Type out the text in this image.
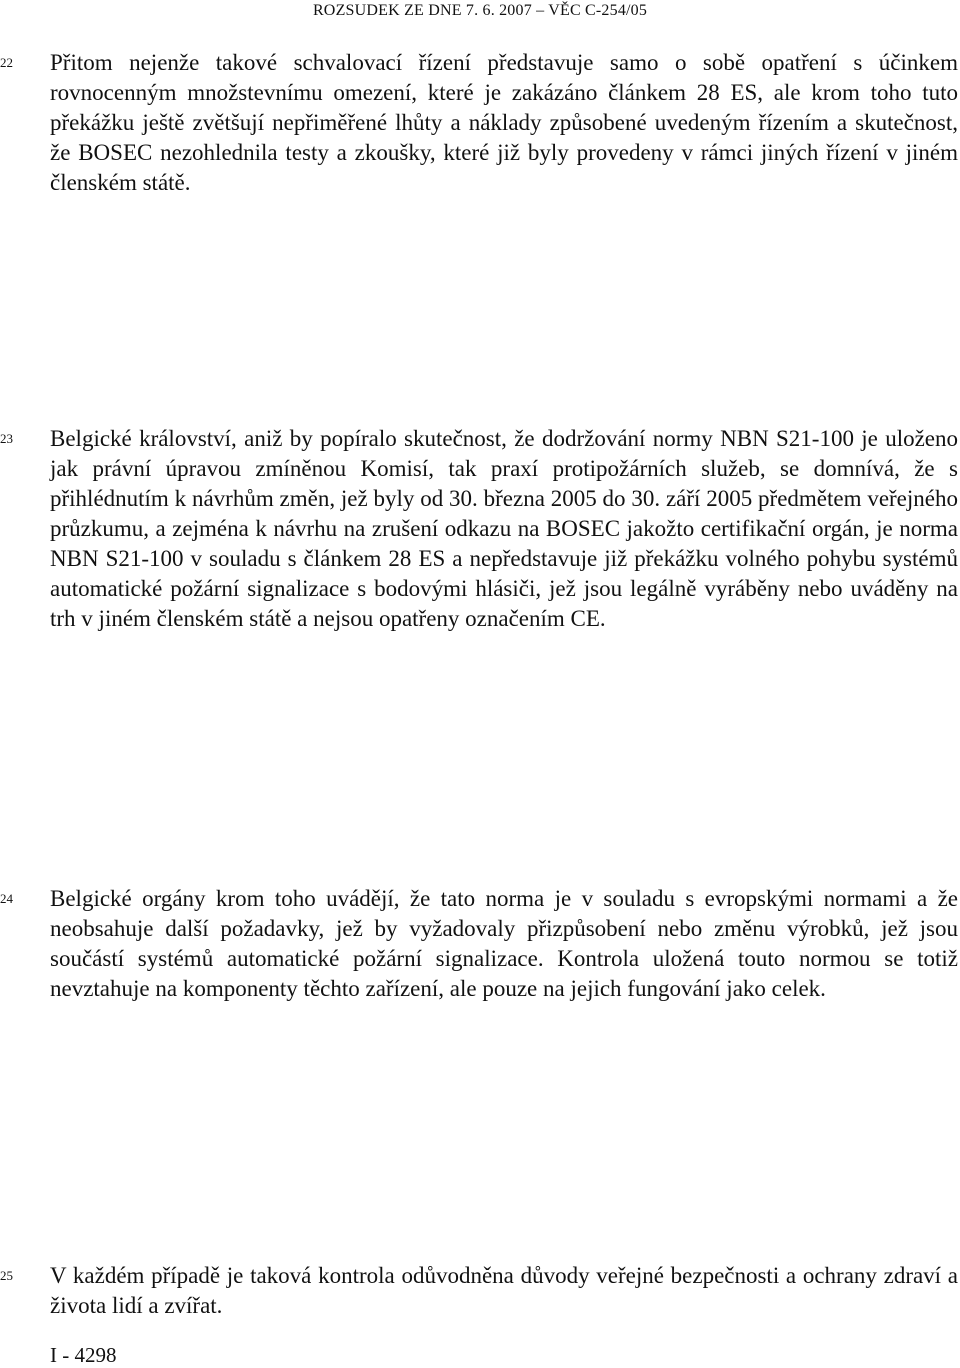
ROZSUDEK ZE DNE 7. 6. 2007 – VĚC C-254/05
22	Přitom nejenže takové schvalovací řízení představuje samo o sobě opatření s účinkem rovnocenným množstevnímu omezení, které je zakázáno článkem 28 ES, ale krom toho tuto překážku ještě zvětšují nepřiměřené lhůty a náklady způsobené uvedeným řízením a skutečnost, že BOSEC nezohlednila testy a zkoušky, které již byly provedeny v rámci jiných řízení v jiném členském státě.

23	Belgické království, aniž by popíralo skutečnost, že dodržování normy NBN S21-100 je uloženo jak právní úpravou zmíněnou Komisí, tak praxí protipožárních služeb, se domnívá, že s přihlédnutím k návrhům změn, jež byly od 30. března 2005 do 30. září 2005 předmětem veřejného průzkumu, a zejména k návrhu na zrušení odkazu na BOSEC jakožto certifikační orgán, je norma NBN S21-100 v souladu s článkem 28 ES a nepředstavuje již překážku volného pohybu systémů automatické požární signalizace s bodovými hlásiči, jež jsou legálně vyráběny nebo uváděny na trh v jiném členském státě a nejsou opatřeny označením CE.

24	Belgické orgány krom toho uvádějí, že tato norma je v souladu s evropskými normami a že neobsahuje další požadavky, jež by vyžadovaly přizpůsobení nebo změnu výrobků, jež jsou součástí systémů automatické požární signalizace. Kontrola uložená touto normou se totiž nevztahuje na komponenty těchto zařízení, ale pouze na jejich fungování jako celek.

25	V každém případě je taková kontrola odůvodněna důvody veřejné bezpečnosti a ochrany zdraví a života lidí a zvířat.

I - 4298
